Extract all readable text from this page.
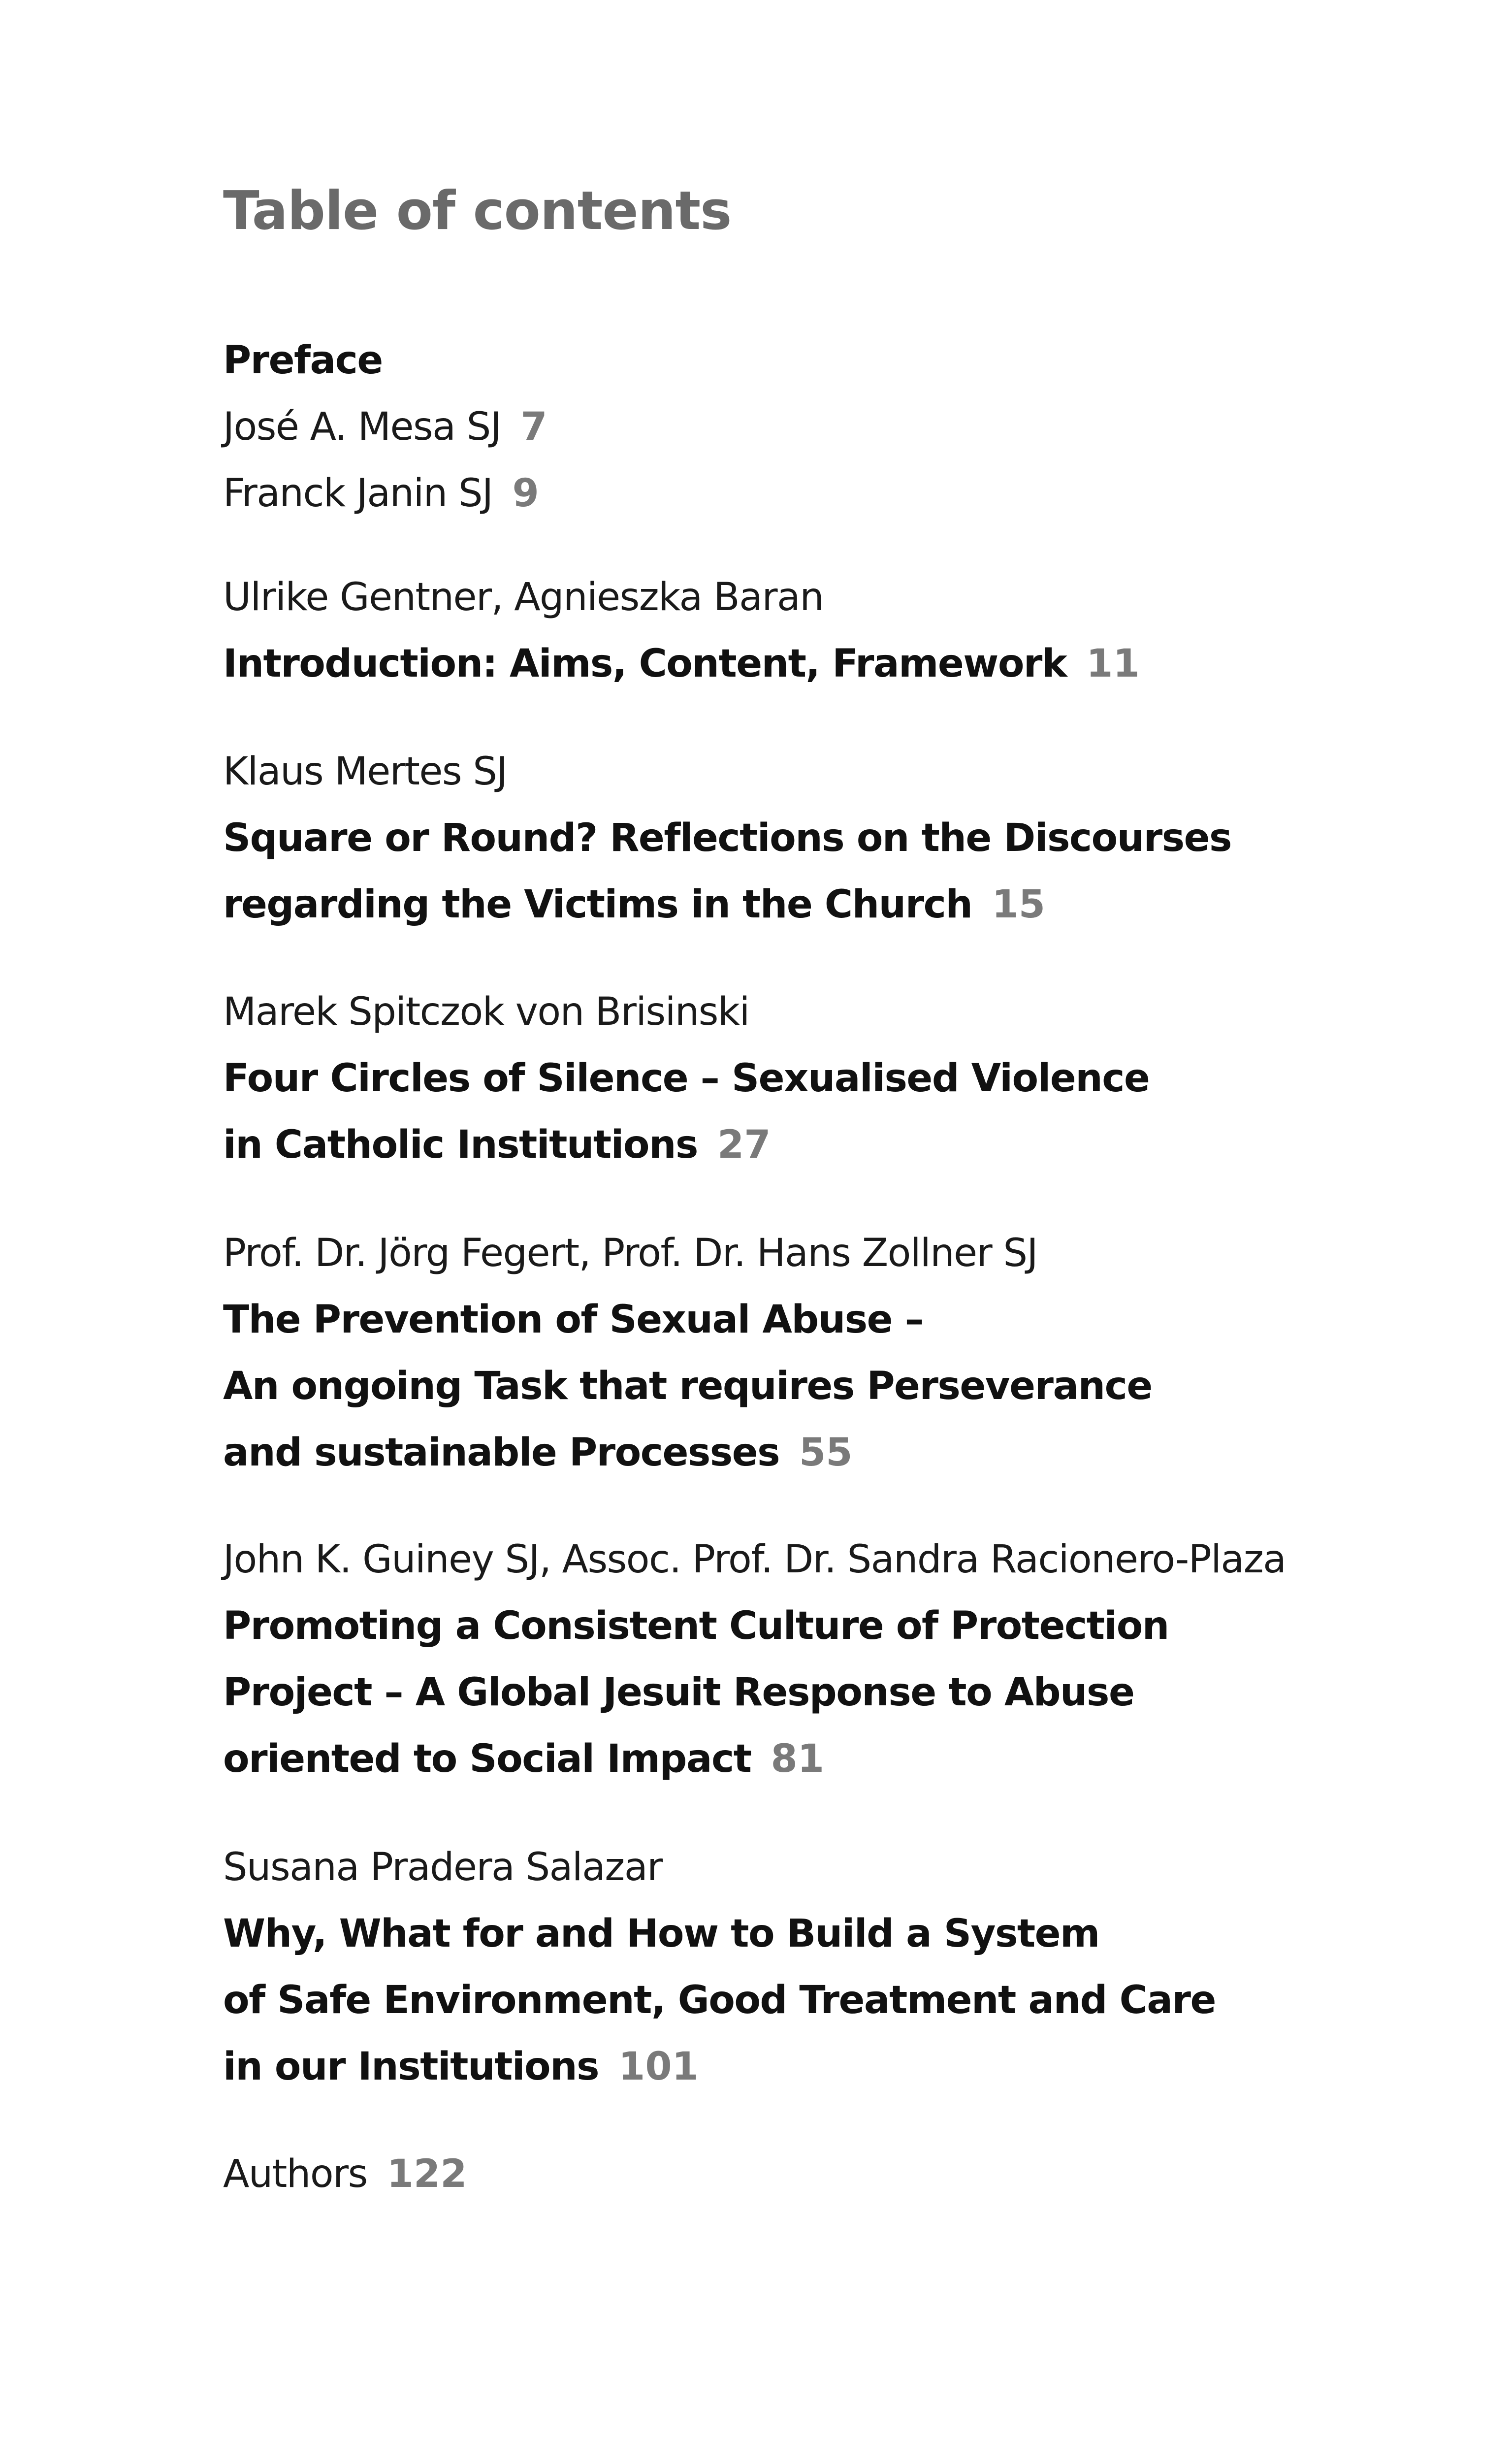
Table of contents
Preface
José A. Mesa SJ 7
Franck Janin SJ 9
Ulrike Gentner, Agnieszka Baran
Introduction: Aims, Content, Framework 11
Klaus Mertes SJ
Square or Round? Reflections on the Discourses
regarding the Victims in the Church 15
Marek Spitczok von Brisinski
Four Circles of Silence – Sexualised Violence
in Catholic Institutions 27
Prof. Dr. Jörg Fegert, Prof. Dr. Hans Zollner SJ
The Prevention of Sexual Abuse –
An ongoing Task that requires Perseverance
and sustainable Processes 55
John K. Guiney SJ, Assoc. Prof. Dr. Sandra Racionero-Plaza
Promoting a Consistent Culture of Protection
Project – A Global Jesuit Response to Abuse
oriented to Social Impact 81
Susana Pradera Salazar
Why, What for and How to Build a System
of Safe Environment, Good Treatment and Care
in our Institutions 101
Authors 122
